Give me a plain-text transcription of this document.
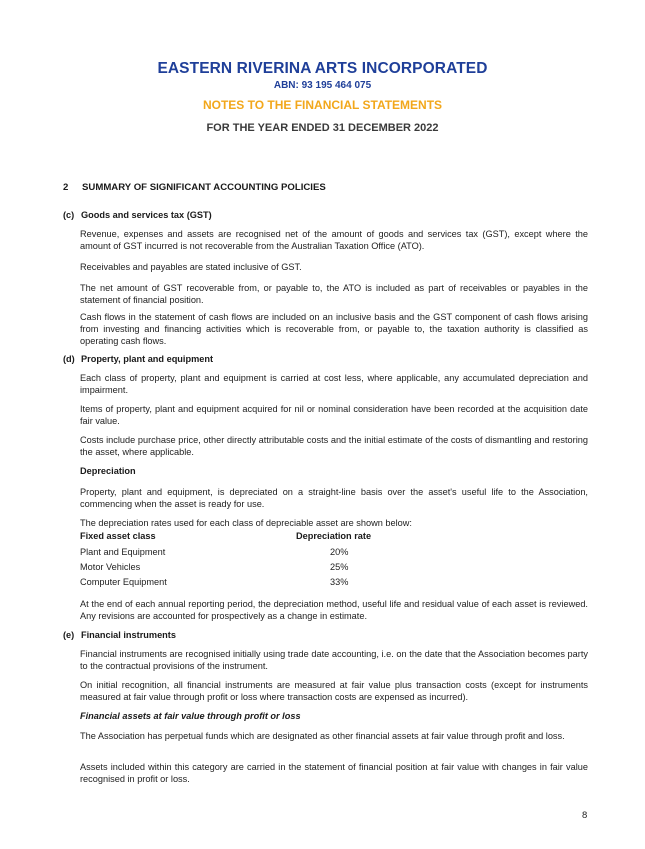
EASTERN RIVERINA ARTS INCORPORATED
ABN: 93 195 464 075
NOTES TO THE FINANCIAL STATEMENTS
FOR THE YEAR ENDED 31 DECEMBER 2022
2 SUMMARY OF SIGNIFICANT ACCOUNTING POLICIES
(c) Goods and services tax (GST)
Revenue, expenses and assets are recognised net of the amount of goods and services tax (GST), except where the amount of GST incurred is not recoverable from the Australian Taxation Office (ATO).
Receivables and payables are stated inclusive of GST.
The net amount of GST recoverable from, or payable to, the ATO is included as part of receivables or payables in the statement of financial position.
Cash flows in the statement of cash flows are included on an inclusive basis and the GST component of cash flows arising from investing and financing activities which is recoverable from, or payable to, the taxation authority is classified as operating cash flows.
(d) Property, plant and equipment
Each class of property, plant and equipment is carried at cost less, where applicable, any accumulated depreciation and impairment.
Items of property, plant and equipment acquired for nil or nominal consideration have been recorded at the acquisition date fair value.
Costs include purchase price, other directly attributable costs and the initial estimate of the costs of dismantling and restoring the asset, where applicable.
Depreciation
Property, plant and equipment, is depreciated on a straight-line basis over the asset's useful life to the Association, commencing when the asset is ready for use.
The depreciation rates used for each class of depreciable asset are shown below:
Fixed asset class	Depreciation rate
Plant and Equipment	20%
Motor Vehicles	25%
Computer Equipment	33%
At the end of each annual reporting period, the depreciation method, useful life and residual value of each asset is reviewed. Any revisions are accounted for prospectively as a change in estimate.
(e) Financial instruments
Financial instruments are recognised initially using trade date accounting, i.e. on the date that the Association becomes party to the contractual provisions of the instrument.
On initial recognition, all financial instruments are measured at fair value plus transaction costs (except for instruments measured at fair value through profit or loss where transaction costs are expensed as incurred).
Financial assets at fair value through profit or loss
The Association has perpetual funds which are designated as other financial assets at fair value through profit and loss.
Assets included within this category are carried in the statement of financial position at fair value with changes in fair value recognised in profit or loss.
8
